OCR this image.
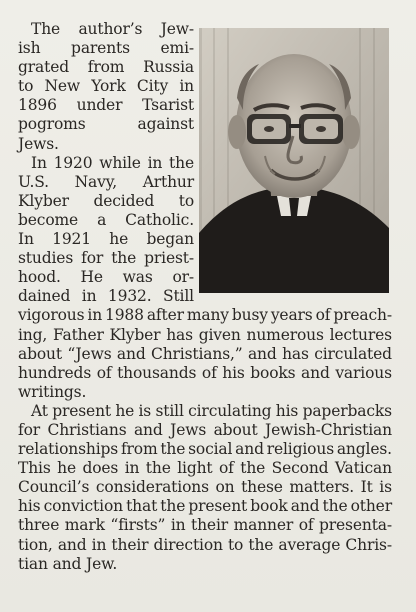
The author’s Jew-
ish parents emi-
grated from Russia
to New York City in
1896 under Tsarist
pogroms	against
Jews.
In 1920 while in the
U.S. Navy, Arthur
Klyber decided to
become a Catholic.
In 1921 he began
studies for the priest-
hood. He was or-
dained in 1932. Still
vigorous in 1988 after many busy years of preach-
ing, Father Klyber has given numerous lectures
about “Jews and Christians,” and has circulated
hundreds of thousands of his books and various
writings.
At present he is still circulating his paperbacks
for Christians and Jews about Jewish-Christian
relationships from the social and religious angles.
This he does in the light of the Second Vatican
Council’s considerations on these matters. It is
his conviction that the present book and the other
three mark “firsts” in their manner of presenta-
tion, and in their direction to the average Chris-
tian and Jew.
